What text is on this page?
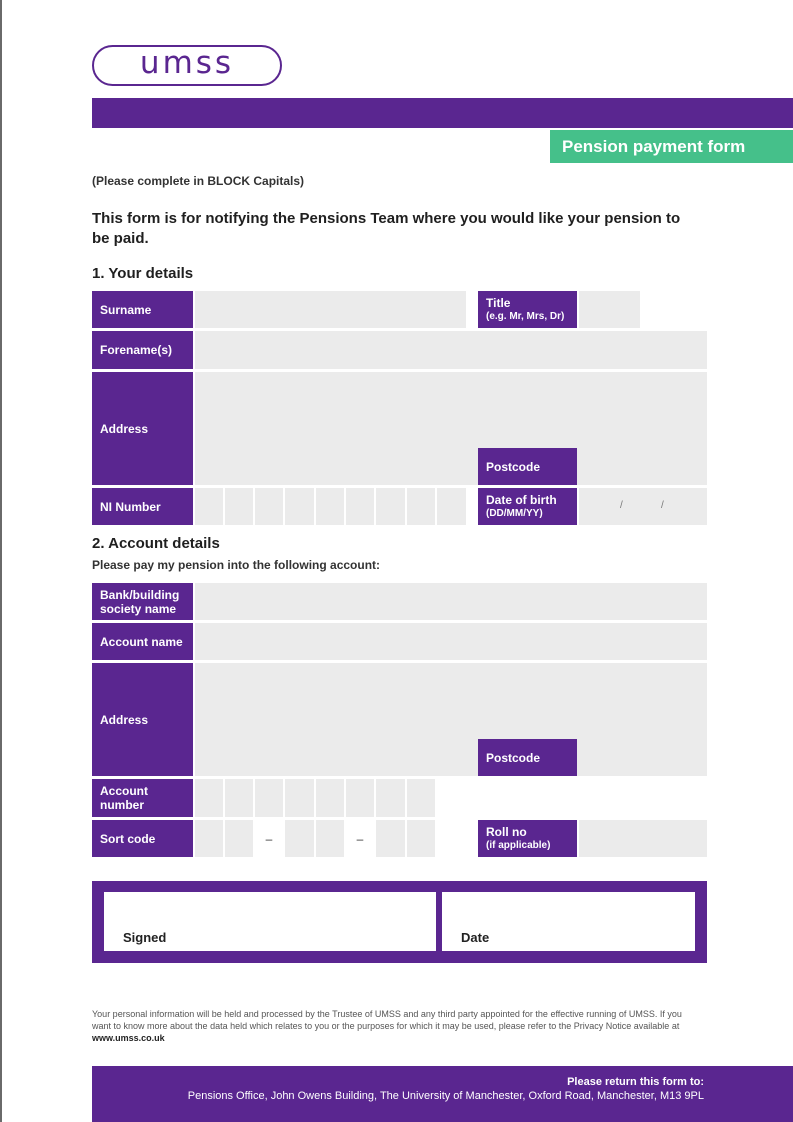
umss
Pension payment form
(Please complete in BLOCK Capitals)
This form is for notifying the Pensions Team where you would like your pension to be paid.
1. Your details
Surname	Title
(e.g. Mr, Mrs, Dr)
Forename(s)
Address
Postcode
NI Number	Date of birth
(DD/MM/YY)
/	/
2. Account details
Please pay my pension into the following account:
Bank/building
society name
Account name
Address
Postcode
Account
number
Sort code	–	–	Roll no
(if applicable)
Signed	Date
Your personal information will be held and processed by the Trustee of UMSS and any third party appointed for the effective running of UMSS. If you want to know more about the data held which relates to you or the purposes for which it may be used, please refer to the Privacy Notice available at www.umss.co.uk
Please return this form to:
Pensions Office, John Owens Building, The University of Manchester, Oxford Road, Manchester, M13 9PL
